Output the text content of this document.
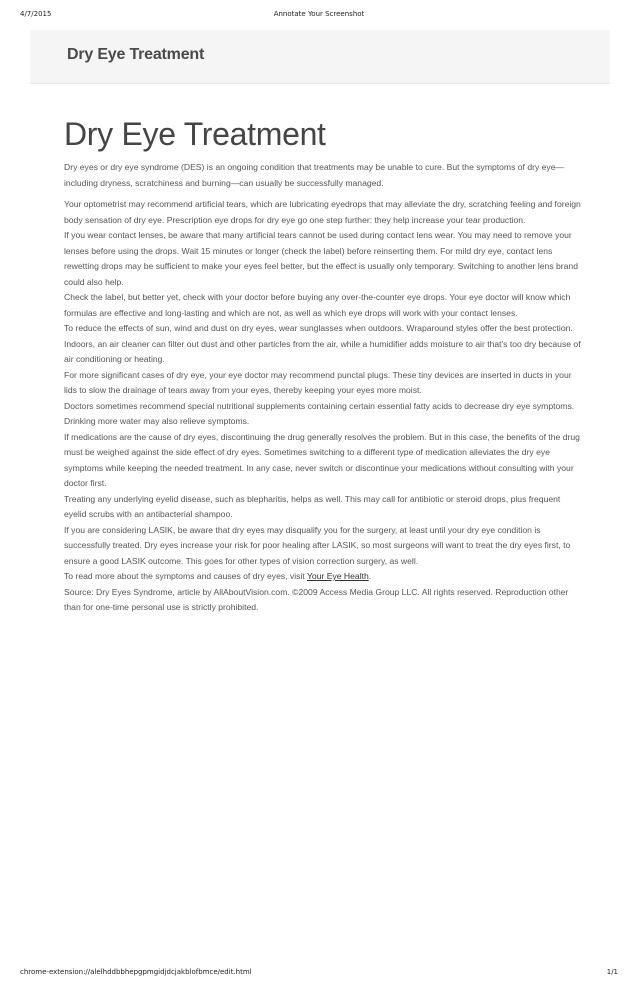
4/7/2015	Annotate Your Screenshot
Dry Eye Treatment
Dry Eye Treatment

Dry eyes or dry eye syndrome (DES) is an ongoing condition that treatments may be unable to cure. But the symptoms of dry eye—including dryness, scratchiness and burning—can usually be successfully managed.

Your optometrist may recommend artificial tears, which are lubricating eyedrops that may alleviate the dry, scratching feeling and foreign body sensation of dry eye. Prescription eye drops for dry eye go one step further: they help increase your tear production.

If you wear contact lenses, be aware that many artificial tears cannot be used during contact lens wear. You may need to remove your lenses before using the drops. Wait 15 minutes or longer (check the label) before reinserting them. For mild dry eye, contact lens rewetting drops may be sufficient to make your eyes feel better, but the effect is usually only temporary. Switching to another lens brand could also help.

Check the label, but better yet, check with your doctor before buying any over-the-counter eye drops. Your eye doctor will know which formulas are effective and long-lasting and which are not, as well as which eye drops will work with your contact lenses.

To reduce the effects of sun, wind and dust on dry eyes, wear sunglasses when outdoors. Wraparound styles offer the best protection.

Indoors, an air cleaner can filter out dust and other particles from the air, while a humidifier adds moisture to air that's too dry because of air conditioning or heating.

For more significant cases of dry eye, your eye doctor may recommend punctal plugs. These tiny devices are inserted in ducts in your lids to slow the drainage of tears away from your eyes, thereby keeping your eyes more moist.

Doctors sometimes recommend special nutritional supplements containing certain essential fatty acids to decrease dry eye symptoms. Drinking more water may also relieve symptoms.

If medications are the cause of dry eyes, discontinuing the drug generally resolves the problem. But in this case, the benefits of the drug must be weighed against the side effect of dry eyes. Sometimes switching to a different type of medication alleviates the dry eye symptoms while keeping the needed treatment. In any case, never switch or discontinue your medications without consulting with your doctor first.

Treating any underlying eyelid disease, such as blepharitis, helps as well. This may call for antibiotic or steroid drops, plus frequent eyelid scrubs with an antibacterial shampoo.

If you are considering LASIK, be aware that dry eyes may disqualify you for the surgery, at least until your dry eye condition is successfully treated. Dry eyes increase your risk for poor healing after LASIK, so most surgeons will want to treat the dry eyes first, to ensure a good LASIK outcome. This goes for other types of vision correction surgery, as well.

To read more about the symptoms and causes of dry eyes, visit Your Eye Health.

Source: Dry Eyes Syndrome, article by AllAboutVision.com. ©2009 Access Media Group LLC. All rights reserved. Reproduction other than for one-time personal use is strictly prohibited.

chrome-extension://alelhddbbhepgpmgidjdcjakblofbmce/edit.html	1/1
